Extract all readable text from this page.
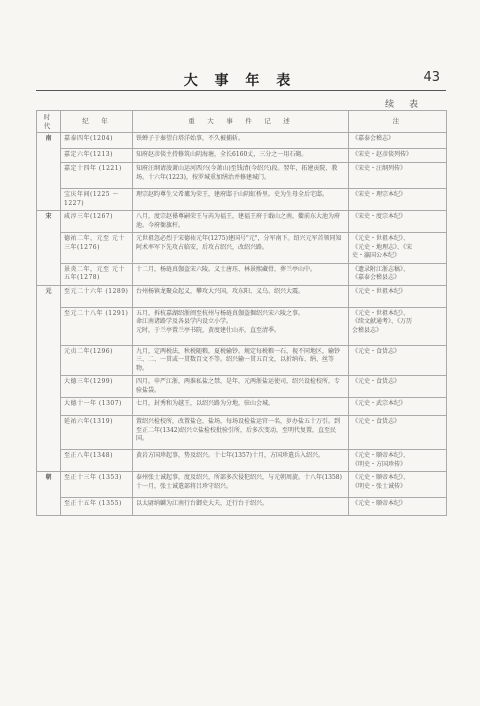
大 事 年 表	43
续 表
时代	纪　年	重　大　事　件　记　述	注
南	嘉泰四年(1204)	铁蝉子于秦望白塔洋始事，不久被捕斩。	《嘉泰会稽志》
	嘉定六年(1213)	知府赵彦倓主持修筑山阴海塘，全长6160丈，三分之一用石砌。	《宋史・赵彦倓列传》
	嘉定十四年 (1221)	知府汪纲请浚萧山运河西兴(今萧山)至钱清(今绍兴)段。翌年，拓建贡院、教场。十六年(1223)，按罗城重加缮治并修建城门。	《宋史・汪纲列传》
	宝庆年间(1225 ～1227)	理宗赵昀尊生父希瓐为荣王，建府邸于山阴虹桥里。史为生母全后宅邸。	《宋史・理宗本纪》
宋	咸淳三年(1267)	八月，度宗赵禥尊嗣荣王与芮为福王，建福王府于蕺山之南，衢前东大池为府池。今府衙旗杆。	《宋史・度宗本纪》
	德祐二年，元至 元十三年(1276)	元世祖忽必烈于宋德祐元年(1275)建国号"元"，分军南下。绍兴元军首领同知阿术率军下先攻占临安，后攻占绍兴，改绍兴路。	《元史・世祖本纪》、
《元史・地理志》、《宋
史・瀛国公本纪》
	景炎二年，元至 元十五年(1278)	十二月，杨琏真伽盗宋六陵。义士唐珏、林景熙藏骨，葬兰亭山中。	《遗录附江浙志稿》、
《嘉泰会稽县志》
元	至元二十六年 (1289)	台州杨镇龙聚众起义，攀攻大兴国，攻东阳、义乌、绍兴大震。	《元史・世祖本纪》
	至元二十八年 (1291)	五月，拆杭嘉湖绍浙闽至杭州与杨琏真伽盗掘绍兴宋六陵之事。
命江南诸路学及各县学内设立小学。
元时，于兰亭置兰亭书院，黄度建仕山亦，直至清季。	《元史・世祖本纪》、
《续文献通考》、《万历
会稽县志》
	元贞二年(1296)	九月，定两税法，秋税随粮，夏税输钞。规定每税粮一石，视不同地区，输钞三、二、一贯或一贯数百文不等。绍兴输一贯五百文，以折纳布、绢、丝等物。	《元史・食货志》
	大德三年(1299)	四月，申严江浙，两淮私盐之禁，是年，元两浙盐运使司，绍兴设检校所，专验盐袋。	《元史・食货志》
	大德十一年 (1307)	七月，封秀和为越王，以绍兴路为分地，驻山会城。	《元史・武宗本纪》
	延祐六年(1319)	置绍兴检校所，改置盐仓，盐场，每场设检盐运官一名，岁办盐五十万引。到至正二年(1342)绍兴立盐检校批验引所，后多次变动，至明代复置，直至民国。	《元史・食货志》
	至正八年(1348)	黄岩方国珍起事，势及绍兴。十七年(1357)十月，方国珍遣兵入绍兴。	《元史・顺帝本纪》、
《明史・方国珍传》
朝	至正十三年 (1353)	泰州张士诚起事，度及绍兴，所部多次侵犯绍兴，与元朝周旋。十八年(1358)十一月，张士诚遣部将吕珍守绍兴。	《元史・顺帝本纪》、
《明史・张士诚传》
	至正十五年 (1355)	以太尉纳麟为江南行台御史大夫，迁行台于绍兴。	《元史・顺帝本纪》
